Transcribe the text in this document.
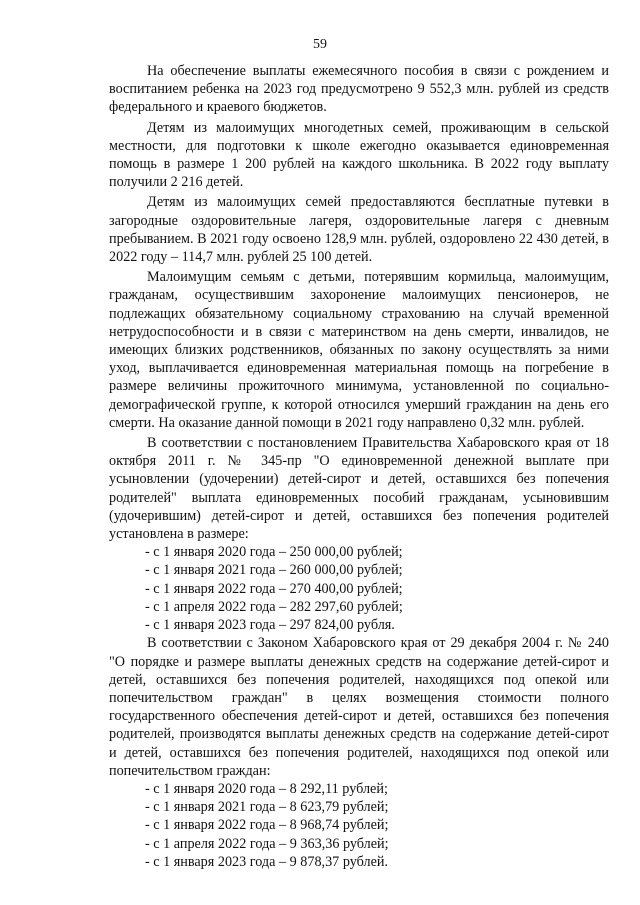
59

На обеспечение выплаты ежемесячного пособия в связи с рождением и воспитанием ребенка на 2023 год предусмотрено 9 552,3 млн. рублей из средств федерального и краевого бюджетов.

Детям из малоимущих многодетных семей, проживающим в сельской местности, для подготовки к школе ежегодно оказывается единовременная помощь в размере 1 200 рублей на каждого школьника. В 2022 году выплату получили 2 216 детей.

Детям из малоимущих семей предоставляются бесплатные путевки в загородные оздоровительные лагеря, оздоровительные лагеря с дневным пребыванием. В 2021 году освоено 128,9 млн. рублей, оздоровлено 22 430 детей, в 2022 году – 114,7 млн. рублей 25 100 детей.

Малоимущим семьям с детьми, потерявшим кормильца, малоимущим, гражданам, осуществившим захоронение малоимущих пенсионеров, не подлежащих обязательному социальному страхованию на случай временной нетрудоспособности и в связи с материнством на день смерти, инвалидов, не имеющих близких родственников, обязанных по закону осуществлять за ними уход, выплачивается единовременная материальная помощь на погребение в размере величины прожиточного минимума, установленной по социально-демографической группе, к которой относился умерший гражданин на день его смерти. На оказание данной помощи в 2021 году направлено 0,32 млн. рублей.

В соответствии с постановлением Правительства Хабаровского края от 18 октября 2011 г. № 345-пр "О единовременной денежной выплате при усыновлении (удочерении) детей-сирот и детей, оставшихся без попечения родителей" выплата единовременных пособий гражданам, усыновившим (удочерившим) детей-сирот и детей, оставшихся без попечения родителей установлена в размере:

- с 1 января 2020 года – 250 000,00 рублей;
- с 1 января 2021 года – 260 000,00 рублей;
- с 1 января 2022 года – 270 400,00 рублей;
- с 1 апреля 2022 года – 282 297,60 рублей;
- с 1 января 2023 года – 297 824,00 рубля.

В соответствии с Законом Хабаровского края от 29 декабря 2004 г. № 240 "О порядке и размере выплаты денежных средств на содержание детей-сирот и детей, оставшихся без попечения родителей, находящихся под опекой или попечительством граждан" в целях возмещения стоимости полного государственного обеспечения детей-сирот и детей, оставшихся без попечения родителей, производятся выплаты денежных средств на содержание детей-сирот и детей, оставшихся без попечения родителей, находящихся под опекой или попечительством граждан:

- с 1 января 2020 года – 8 292,11 рублей;
- с 1 января 2021 года – 8 623,79 рублей;
- с 1 января 2022 года – 8 968,74 рублей;
- с 1 апреля 2022 года – 9 363,36 рублей;
- с 1 января 2023 года – 9 878,37 рублей.
